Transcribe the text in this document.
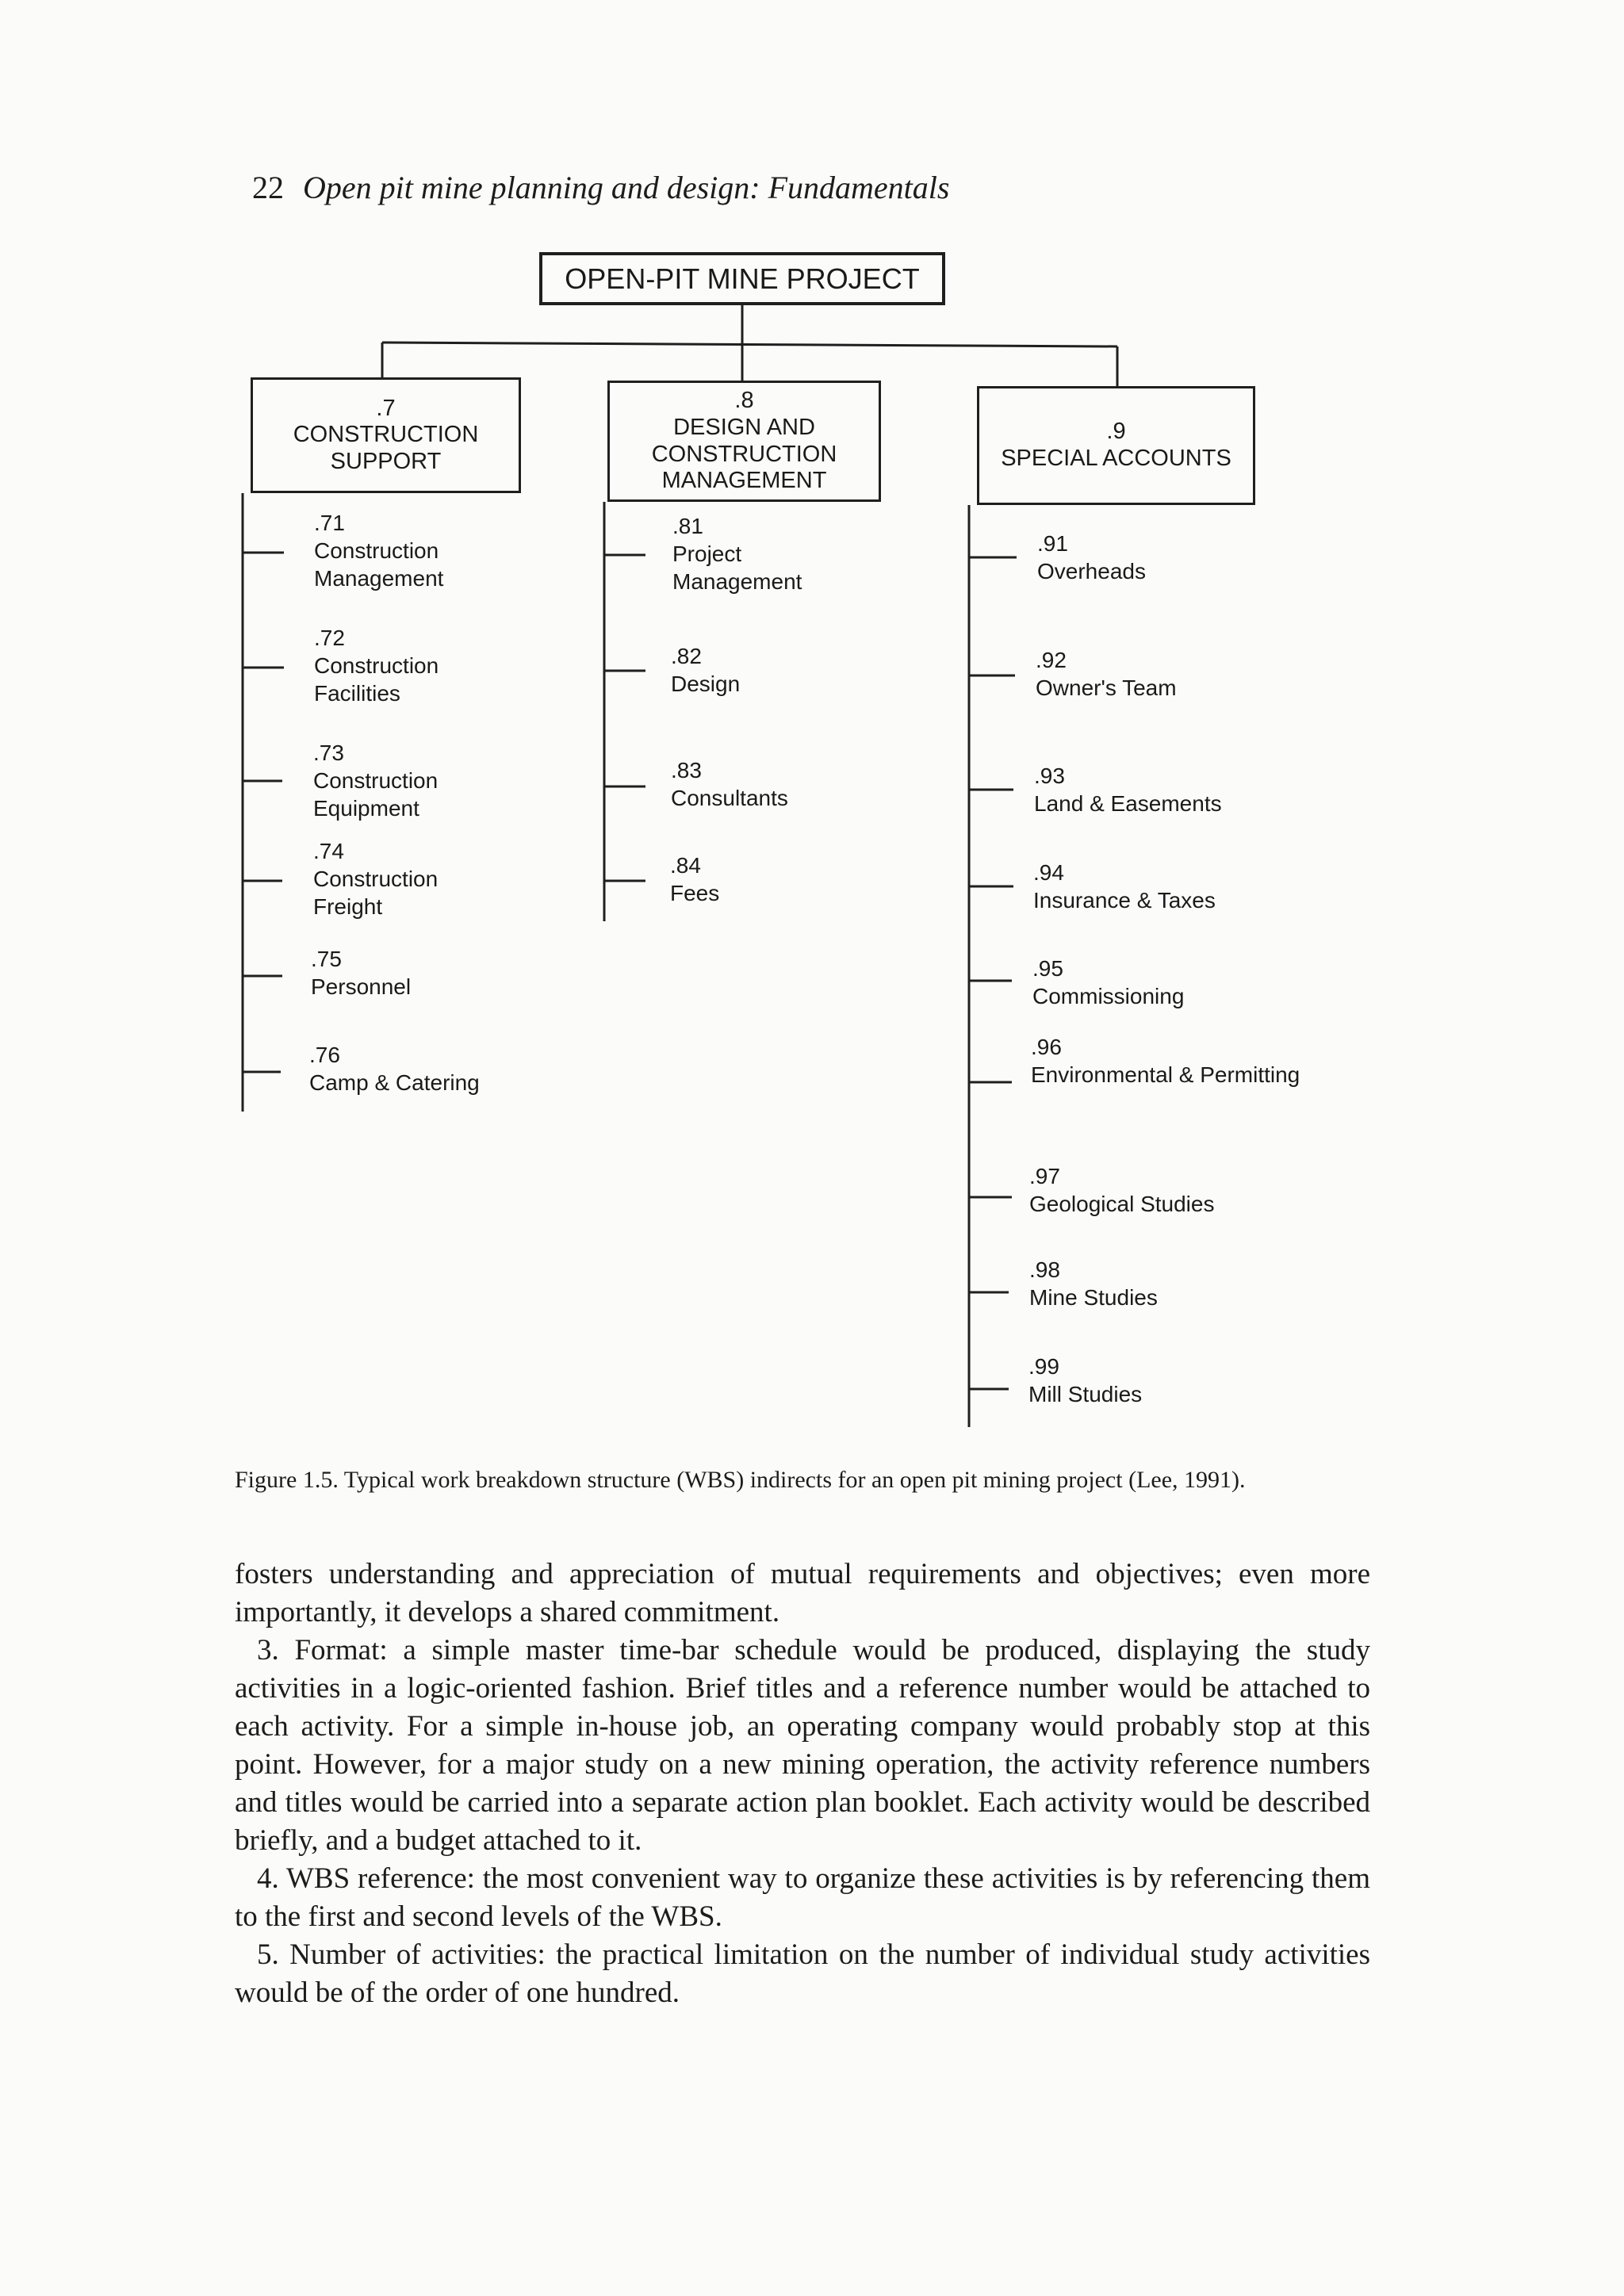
22 Open pit mine planning and design: Fundamentals
OPEN-PIT MINE PROJECT
.7
CONSTRUCTION
SUPPORT
.8
DESIGN AND
CONSTRUCTION
MANAGEMENT
.9
SPECIAL ACCOUNTS
.71
Construction
Management
.72
Construction
Facilities
.73
Construction
Equipment
.74
Construction
Freight
.75
Personnel
.76
Camp & Catering
.81
Project
Management
.82
Design
.83
Consultants
.84
Fees
.91
Overheads
.92
Owner's Team
.93
Land & Easements
.94
Insurance & Taxes
.95
Commissioning
.96
Environmental & Permitting
.97
Geological Studies
.98
Mine Studies
.99
Mill Studies
Figure 1.5. Typical work breakdown structure (WBS) indirects for an open pit mining project (Lee, 1991).

fosters understanding and appreciation of mutual requirements and objectives; even more importantly, it develops a shared commitment.

3. Format: a simple master time-bar schedule would be produced, displaying the study activities in a logic-oriented fashion. Brief titles and a reference number would be attached to each activity. For a simple in-house job, an operating company would probably stop at this point. However, for a major study on a new mining operation, the activity reference numbers and titles would be carried into a separate action plan booklet. Each activity would be described briefly, and a budget attached to it.

4. WBS reference: the most convenient way to organize these activities is by referencing them to the first and second levels of the WBS.

5. Number of activities: the practical limitation on the number of individual study activities would be of the order of one hundred.
